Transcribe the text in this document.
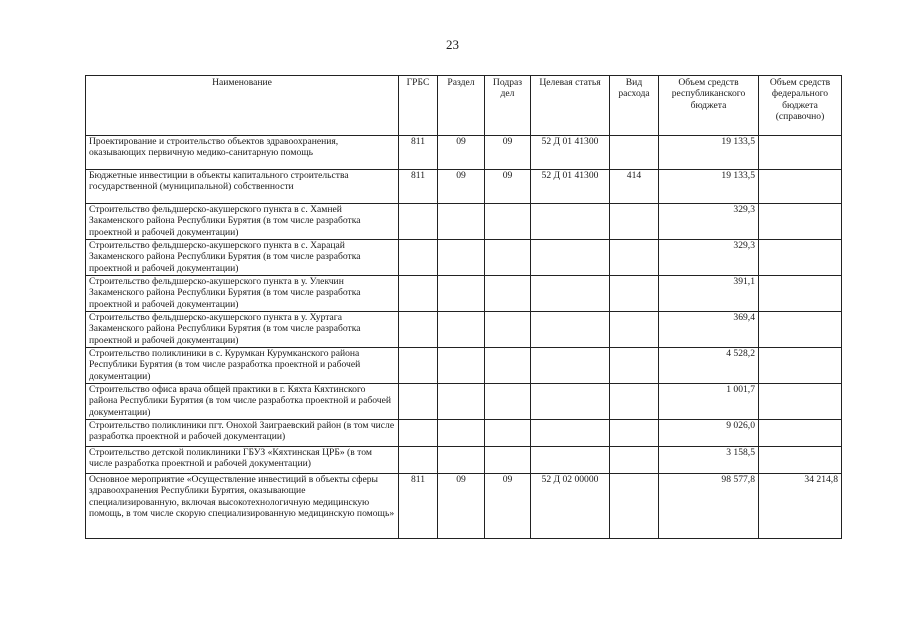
23
Наименование	ГРБС	Раздел	Подраз дел	Целевая статья	Вид расхода	Объем средств республиканского бюджета	Объем средств федерального бюджета (справочно)
Проектирование и строительство объектов здравоохранения, оказывающих первичную медико-санитарную помощь	811	09	09	52 Д 01 41300		19 133,5	
Бюджетные инвестиции в объекты капитального строительства государственной (муниципальной) собственности	811	09	09	52 Д 01 41300	414	19 133,5	
Строительство фельдшерско-акушерского пункта в с. Хамней Закаменского района Республики Бурятия (в том числе разработка проектной и рабочей документации)						329,3	
Строительство фельдшерско-акушерского пункта в с. Харацай Закаменского района Республики Бурятия (в том числе разработка проектной и рабочей документации)						329,3	
Строительство фельдшерско-акушерского пункта в у. Улекчин Закаменского района Республики Бурятия (в том числе разработка проектной и рабочей документации)						391,1	
Строительство фельдшерско-акушерского пункта в у. Хуртага Закаменского района Республики Бурятия (в том числе разработка проектной и рабочей документации)						369,4	
Строительство поликлиники в с. Курумкан Курумканского района Республики Бурятия (в том числе разработка проектной и рабочей документации)						4 528,2	
Строительство офиса врача общей практики в г. Кяхта Кяхтинского района Республики Бурятия (в том числе разработка проектной и рабочей документации)						1 001,7	
Строительство поликлиники пгт. Онохой Заиграевский район (в том числе разработка проектной и рабочей документации)						9 026,0	
Строительство детской поликлиники ГБУЗ «Кяхтинская ЦРБ» (в том числе разработка проектной и рабочей документации)						3 158,5	
Основное мероприятие «Осуществление инвестиций в объекты сферы здравоохранения Республики Бурятия, оказывающие специализированную, включая высокотехнологичную медицинскую помощь, в том числе скорую специализированную медицинскую помощь»	811	09	09	52 Д 02 00000		98 577,8	34 214,8
